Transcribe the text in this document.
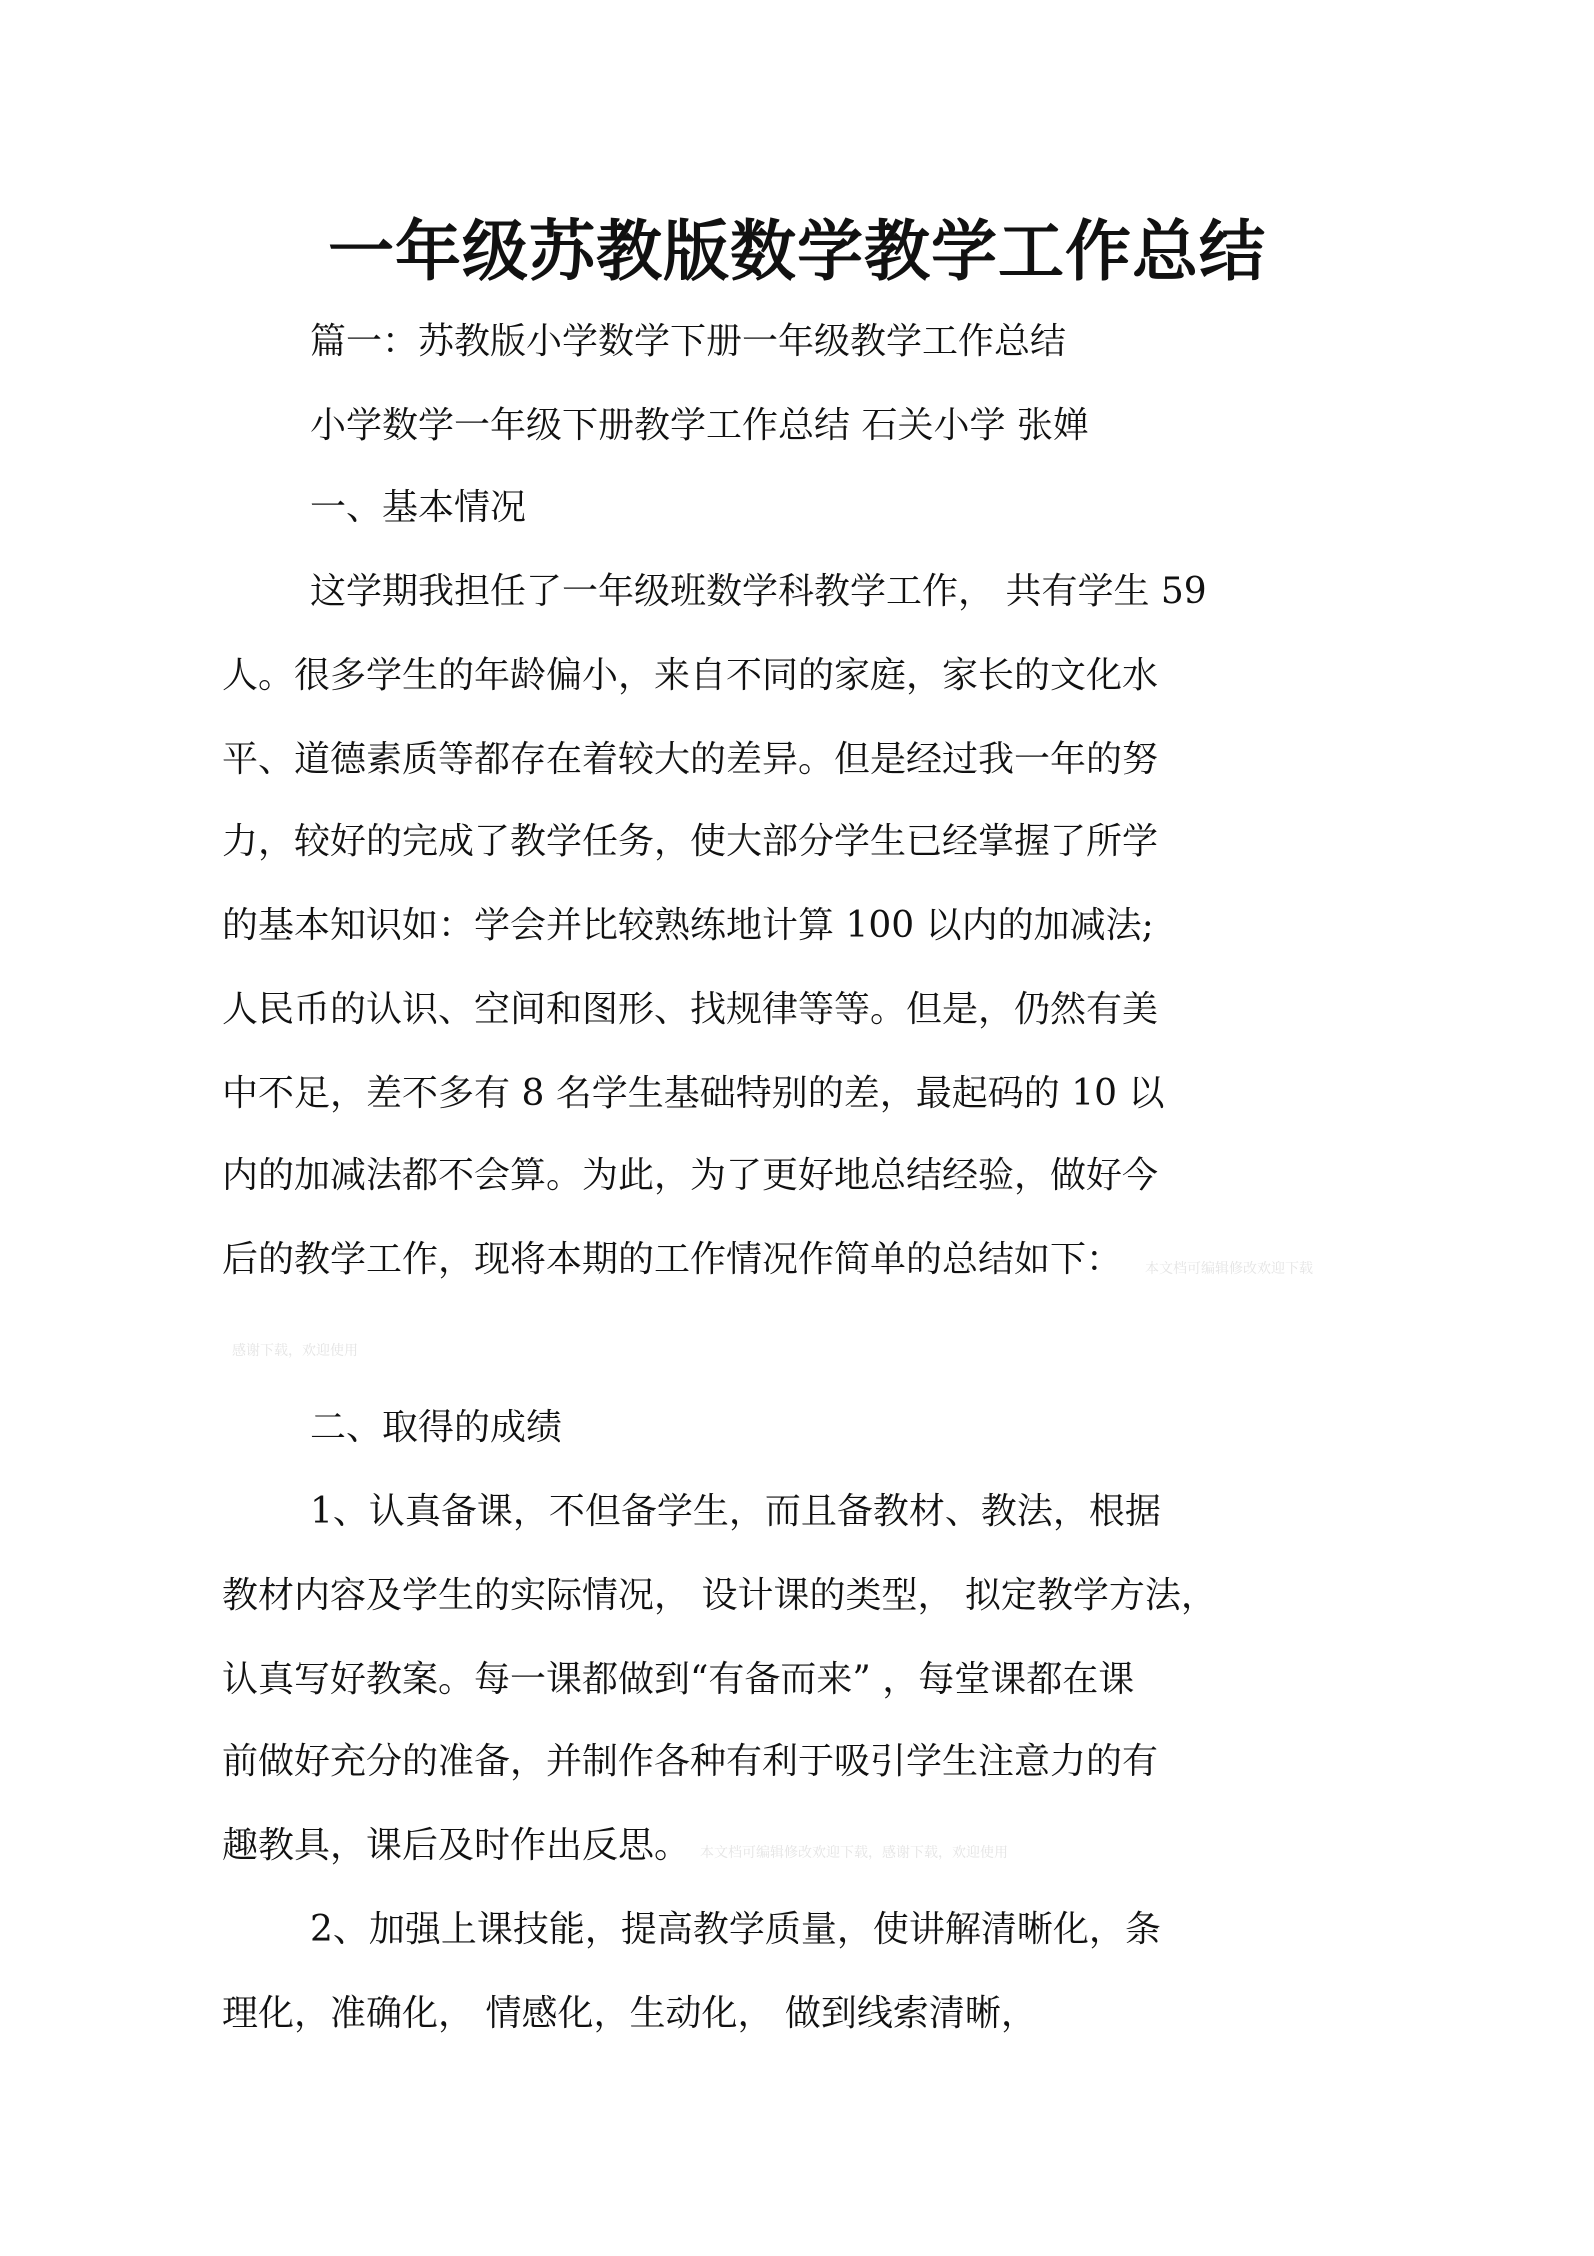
一年级苏教版数学教学工作总结
篇一：苏教版小学数学下册一年级教学工作总结
小学数学一年级下册教学工作总结 石关小学 张婵
一、基本情况
这学期我担任了一年级班数学科教学工作， 共有学生 59
人。很多学生的年龄偏小，来自不同的家庭，家长的文化水
平、道德素质等都存在着较大的差异。但是经过我一年的努
力，较好的完成了教学任务，使大部分学生已经掌握了所学
的基本知识如：学会并比较熟练地计算 100 以内的加减法;
人民币的认识、空间和图形、找规律等等。但是，仍然有美
中不足，差不多有 8 名学生基础特别的差，最起码的 10 以
内的加减法都不会算。为此，为了更好地总结经验，做好今
后的教学工作，现将本期的工作情况作简单的总结如下： 本文档可编辑修改欢迎下载
感谢下载，欢迎使用
二、取得的成绩
1、认真备课，不但备学生，而且备教材、教法，根据
教材内容及学生的实际情况， 设计课的类型， 拟定教学方法，
认真写好教案。每一课都做到“有备而来” ，每堂课都在课
前做好充分的准备，并制作各种有利于吸引学生注意力的有
趣教具，课后及时作出反思。 本文档可编辑修改欢迎下载，感谢下载，欢迎使用
2、加强上课技能，提高教学质量，使讲解清晰化，条
理化，准确化， 情感化，生动化， 做到线索清晰，
